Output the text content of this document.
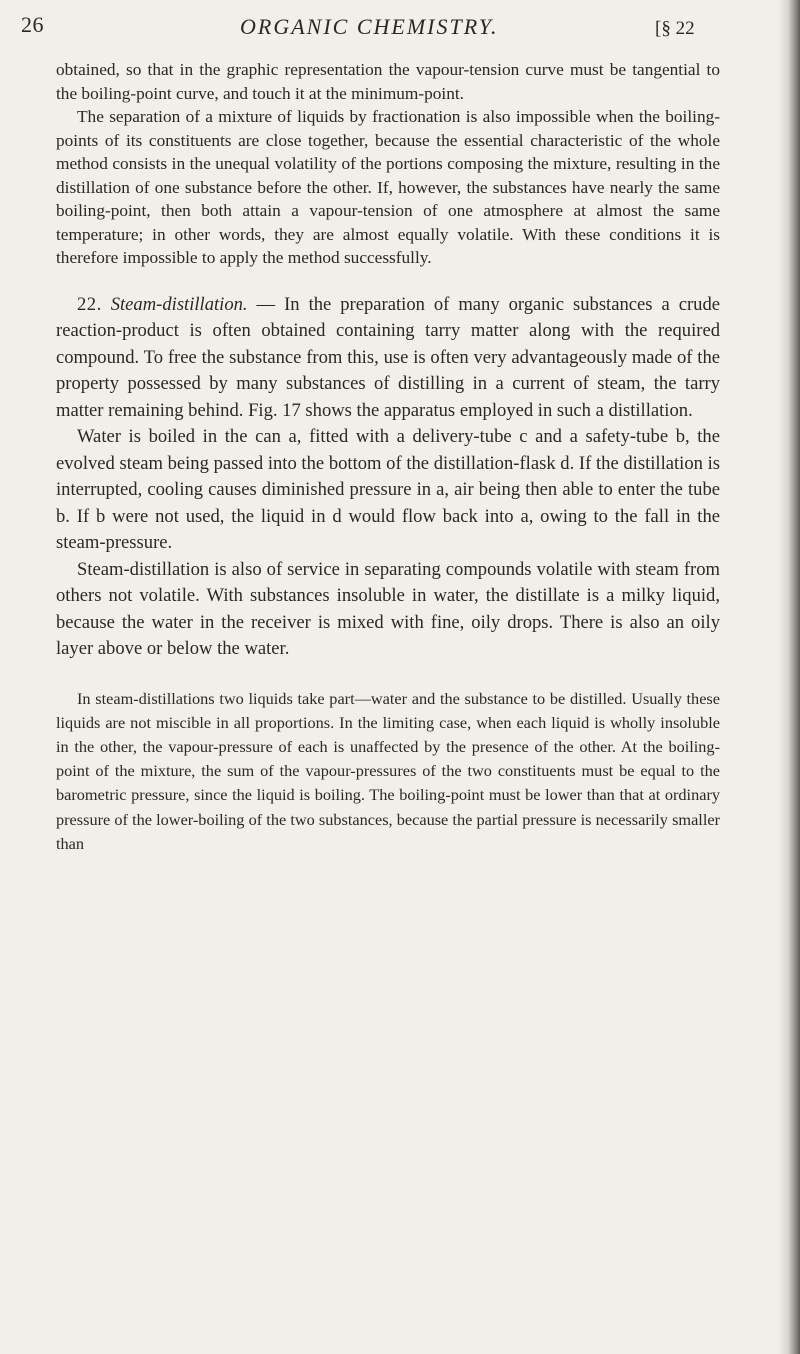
26	ORGANIC CHEMISTRY.	[§ 22

obtained, so that in the graphic representation the vapour-tension curve must be tangential to the boiling-point curve, and touch it at the minimum-point.

The separation of a mixture of liquids by fractionation is also impossible when the boiling-points of its constituents are close together, because the essential characteristic of the whole method consists in the unequal volatility of the portions composing the mixture, resulting in the distillation of one substance before the other. If, however, the substances have nearly the same boiling-point, then both attain a vapour-tension of one atmosphere at almost the same temperature; in other words, they are almost equally volatile. With these conditions it is therefore impossible to apply the method successfully.

22. Steam-distillation. — In the preparation of many organic substances a crude reaction-product is often obtained containing tarry matter along with the required compound. To free the substance from this, use is often very advantageously made of the property possessed by many substances of distilling in a current of steam, the tarry matter remaining behind. Fig. 17 shows the apparatus employed in such a distillation.

Water is boiled in the can a, fitted with a delivery-tube c and a safety-tube b, the evolved steam being passed into the bottom of the distillation-flask d. If the distillation is interrupted, cooling causes diminished pressure in a, air being then able to enter the tube b. If b were not used, the liquid in d would flow back into a, owing to the fall in the steam-pressure.

Steam-distillation is also of service in separating compounds volatile with steam from others not volatile. With substances insoluble in water, the distillate is a milky liquid, because the water in the receiver is mixed with fine, oily drops. There is also an oily layer above or below the water.

In steam-distillations two liquids take part—water and the substance to be distilled. Usually these liquids are not miscible in all proportions. In the limiting case, when each liquid is wholly insoluble in the other, the vapour-pressure of each is unaffected by the presence of the other. At the boiling-point of the mixture, the sum of the vapour-pressures of the two constituents must be equal to the barometric pressure, since the liquid is boiling. The boiling-point must be lower than that at ordinary pressure of the lower-boiling of the two substances, because the partial pressure is necessarily smaller than
